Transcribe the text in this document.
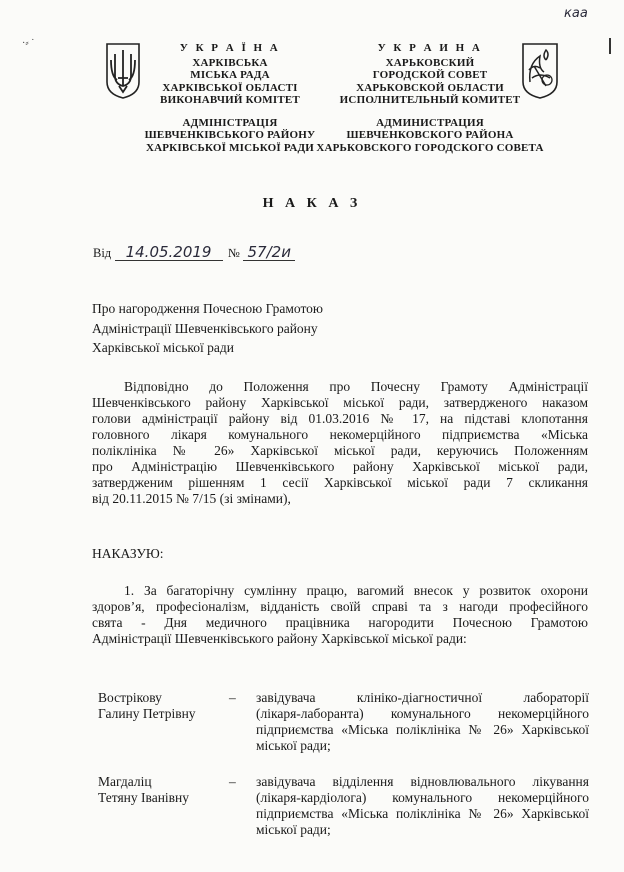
каа
·⸗ ˙	У К Р А Ї Н А
ХАРКІВСЬКА
МІСЬКА РАДА
ХАРКІВСЬКОЇ ОБЛАСТІ
ВИКОНАВЧИЙ КОМІТЕТ
АДМІНІСТРАЦІЯ
ШЕВЧЕНКІВСЬКОГО РАЙОНУ
ХАРКІВСЬКОЇ МІСЬКОЇ РАДИ
У К Р А И Н А
ХАРЬКОВСКИЙ
ГОРОДСКОЙ СОВЕТ
ХАРЬКОВСКОЙ ОБЛАСТИ
ИСПОЛНИТЕЛЬНЫЙ КОМИТЕТ
АДМИНИСТРАЦИЯ
ШЕВЧЕНКОВСКОГО РАЙОНА
ХАРЬКОВСКОГО ГОРОДСКОГО СОВЕТА
Н А К А З
Від 14.05.2019 № 57/2и
Про нагородження Почесною Грамотою
Адміністрації Шевченківського району
Харківської міської ради
Відповідно до Положення про Почесну Грамоту Адміністрації
Шевченківського району Харківської міської ради, затвердженого наказом
голови адміністрації району від 01.03.2016 № 17, на підставі клопотання
головного лікаря комунального некомерційного підприємства «Міська
поліклініка № 26» Харківської міської ради, керуючись Положенням
про Адміністрацію Шевченківського району Харківської міської ради,
затвердженим рішенням 1 сесії Харківської міської ради 7 скликання
від 20.11.2015 № 7/15 (зі змінами),
НАКАЗУЮ:
1. За багаторічну сумлінну працю, вагомий внесок у розвиток охорони
здоров’я, професіоналізм, відданість своїй справі та з нагоди професійного
свята - Дня медичного працівника нагородити Почесною Грамотою
Адміністрації Шевченківського району Харківської міської ради:
Вострікову
Галину Петрівну
– завідувача клініко-діагностичної лабораторії
(лікаря-лаборанта) комунального некомерційного
підприємства «Міська поліклініка № 26» Харківської
міської ради;
Магдаліц
Тетяну Іванівну
– завідувача відділення відновлювального лікування
(лікаря-кардіолога) комунального некомерційного
підприємства «Міська поліклініка № 26» Харківської
міської ради;
